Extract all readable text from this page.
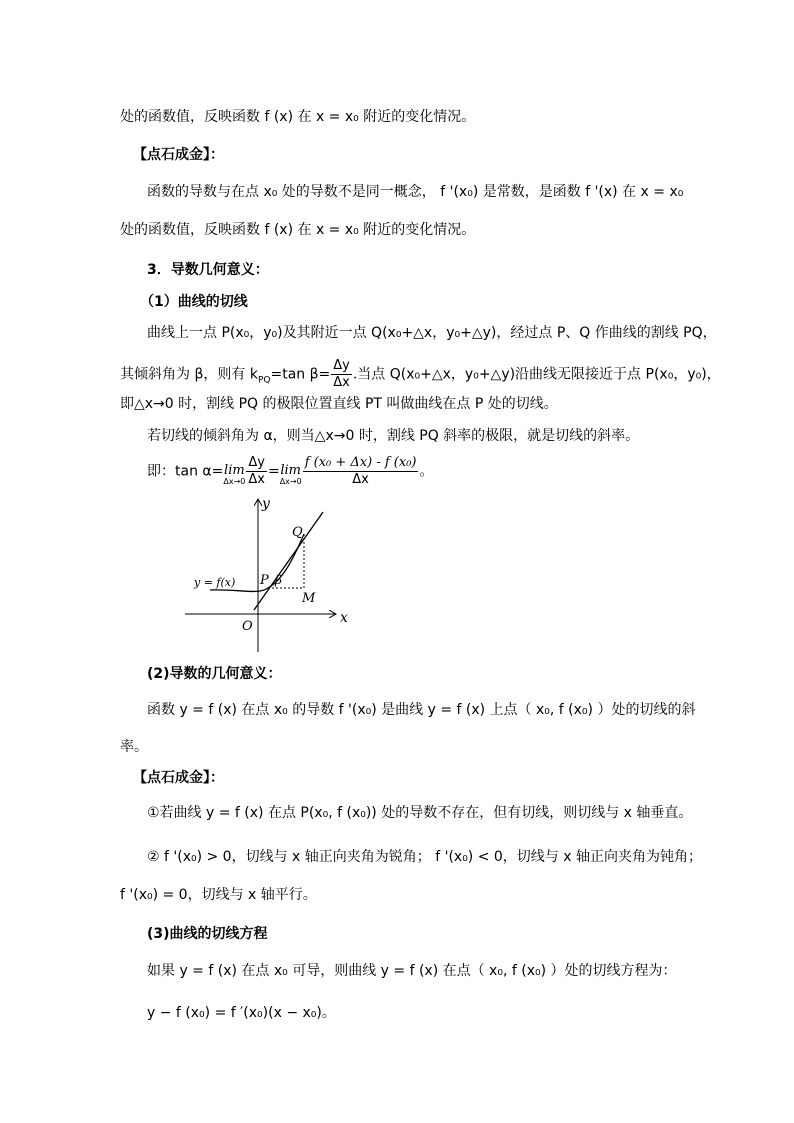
处的函数值，反映函数 f (x) 在 x = x₀ 附近的变化情况。
【点石成金】：
函数的导数与在点 x₀ 处的导数不是同一概念， f '(x₀) 是常数，是函数 f '(x) 在 x = x₀
处的函数值，反映函数 f (x) 在 x = x₀ 附近的变化情况。
3．导数几何意义：
（1）曲线的切线
曲线上一点 P(x₀，y₀)及其附近一点 Q(x₀+△x，y₀+△y)，经过点 P、Q 作曲线的割线 PQ，
其倾斜角为 β，则有 $k_{PQ}=\tan$ $\beta= \frac{\Delta y}{\Delta x}$ .当点 Q(x₀+△x，y₀+△y)沿曲线无限接近于点 P(x₀，y₀)，
即△x→0 时，割线 PQ 的极限位置直线 PT 叫做曲线在点 P 处的切线。
若切线的倾斜角为 α，则当△x→0 时，割线 PQ 斜率的极限，就是切线的斜率。
即：tan α= lim
$\Delta x\to 0 \frac{\Delta y}{\Delta x} = \lim$
$\Delta x\to 0 \frac{\text{f (x₀ + Δx) - f (x₀)}}{\Delta x}$ 。
y
x
O
Q
P β
M
y = f(x)
(2)导数的几何意义：
函数 y = f (x) 在点 x₀ 的导数 f '(x₀) 是曲线 y = f (x) 上点（ x₀, f (x₀) ）处的切线的斜
率。
【点石成金】：
①若曲线 y = f (x) 在点 P(x₀, f (x₀)) 处的导数不存在，但有切线，则切线与 x 轴垂直。
② f '(x₀) > 0，切线与 x 轴正向夹角为锐角； f '(x₀) < 0，切线与 x 轴正向夹角为钝角；
f '(x₀) = 0，切线与 x 轴平行。
(3)曲线的切线方程
如果 y = f (x) 在点 x₀ 可导，则曲线 y = f (x) 在点（ x₀, f (x₀) ）处的切线方程为：
y − f (x₀) = f ′(x₀)(x − x₀)。
